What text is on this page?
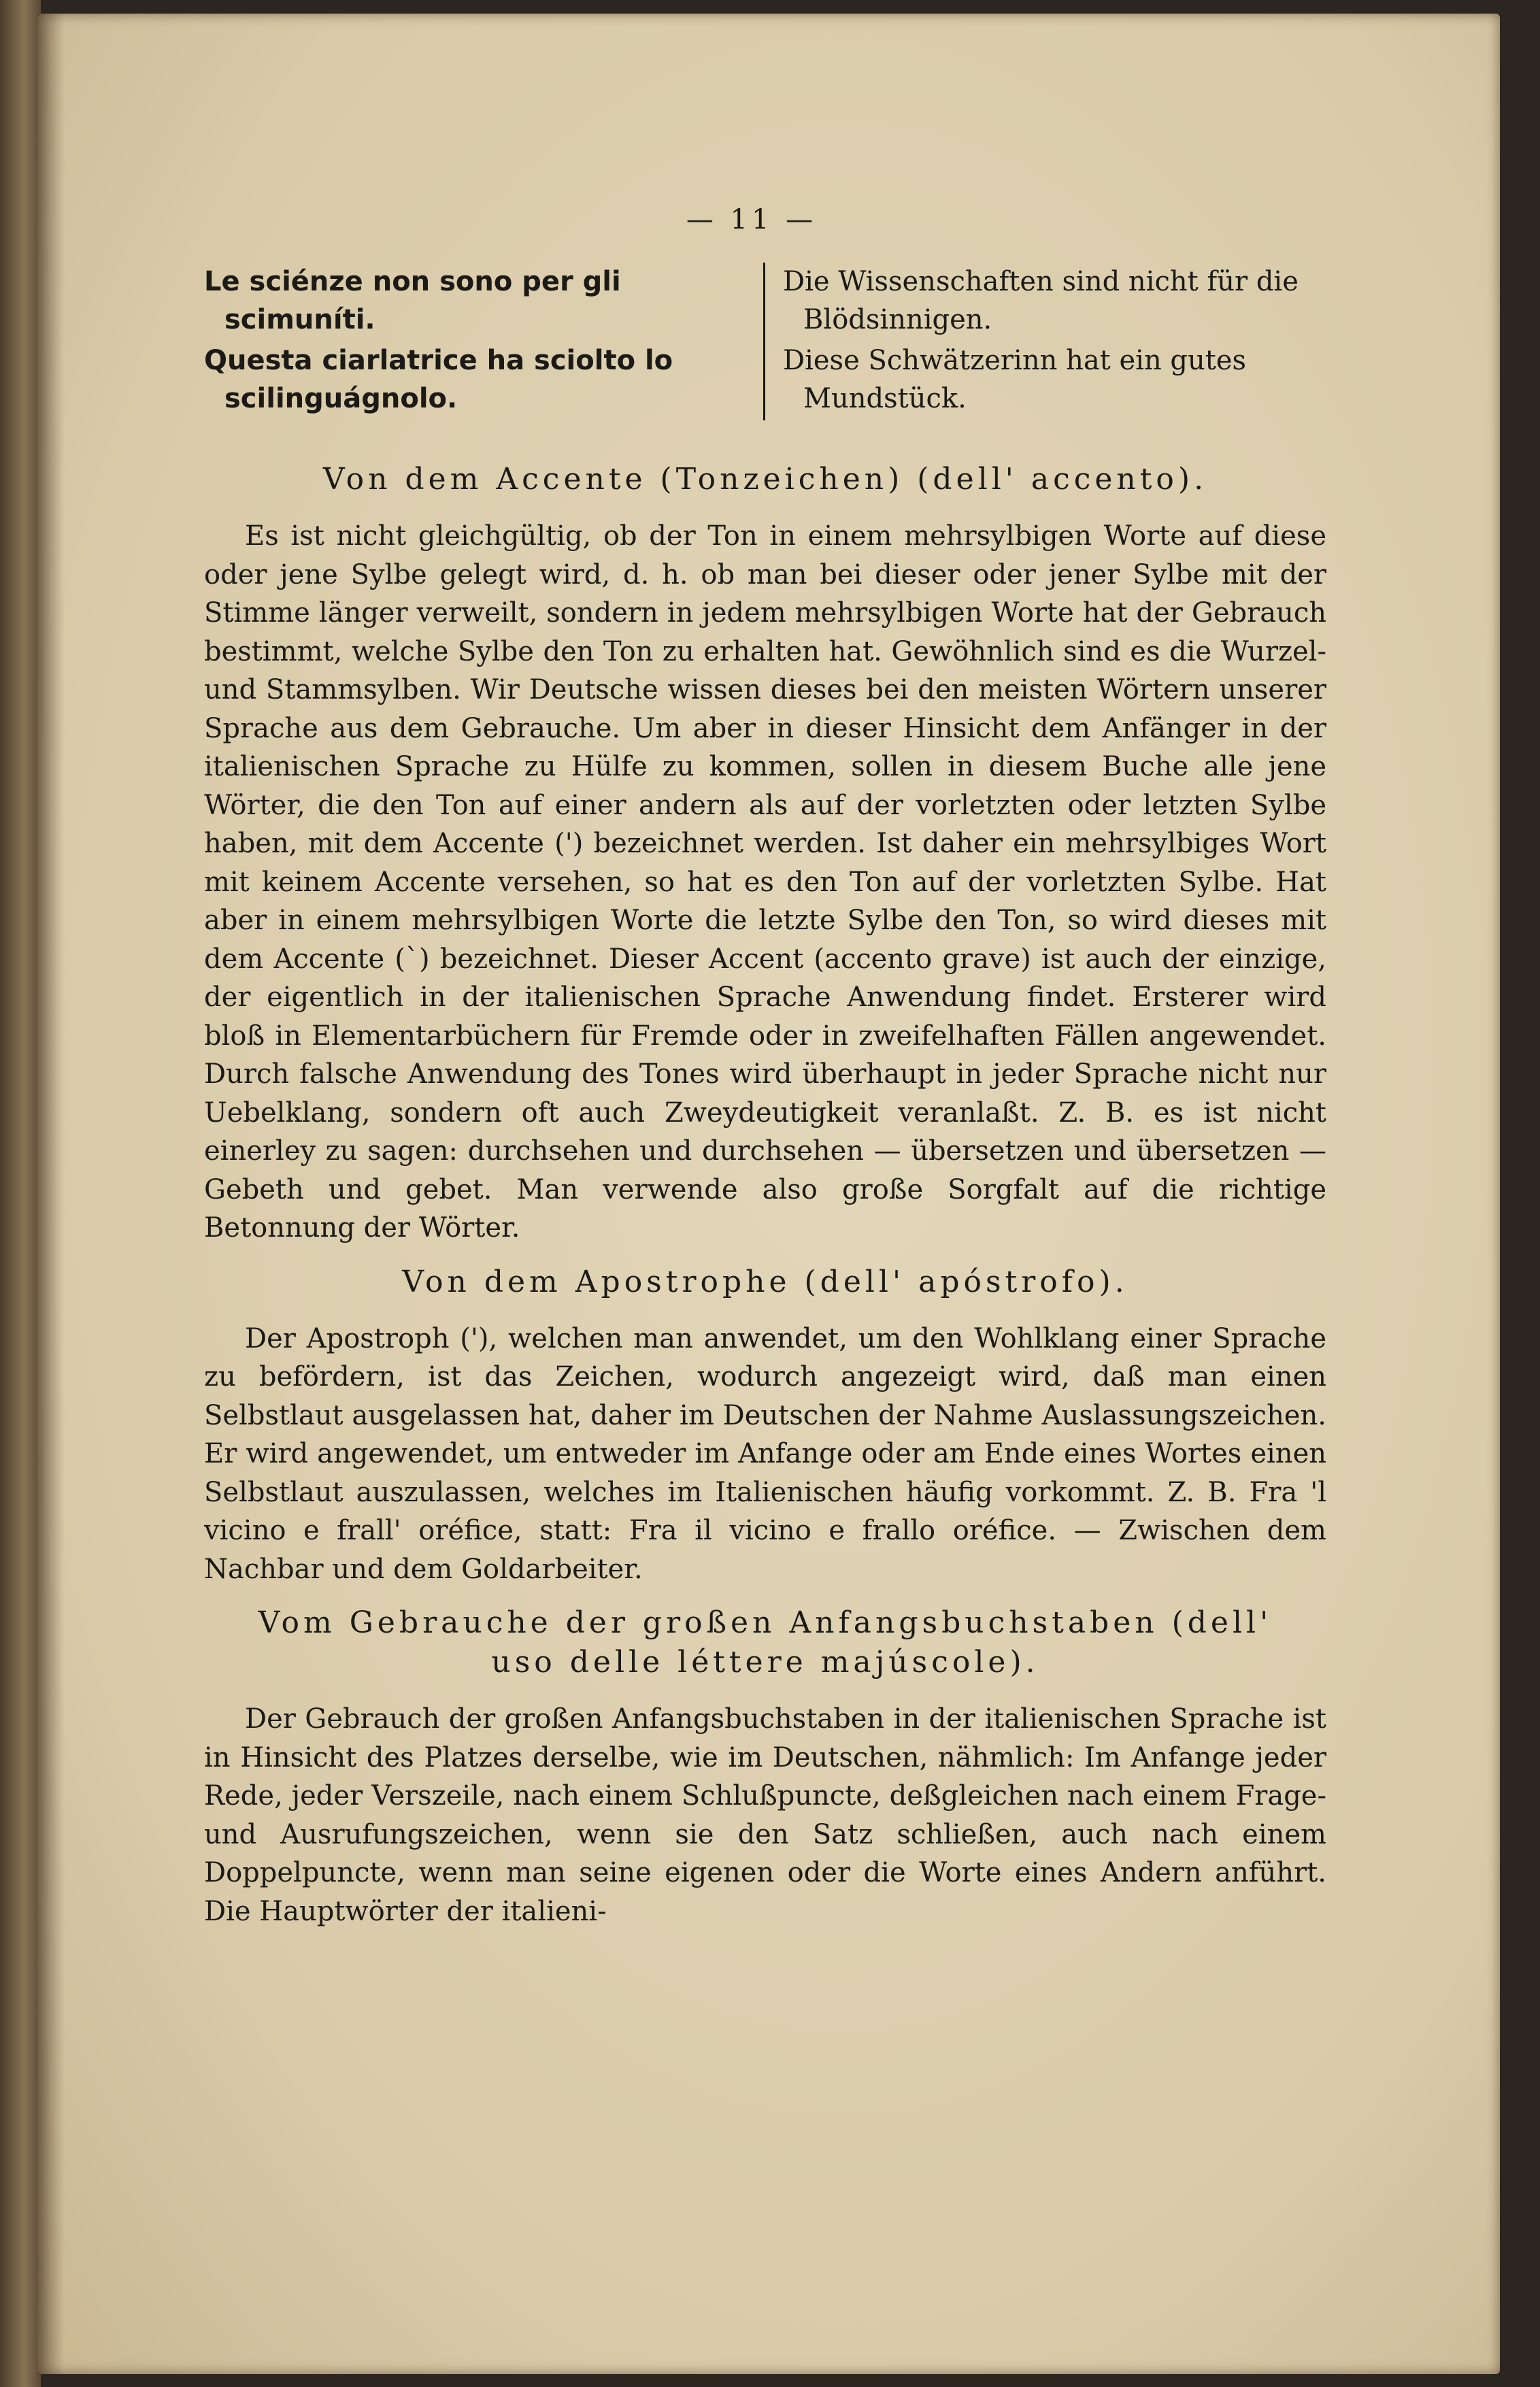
— 11 —
Le sciénze non sono per gli scimuníti.
Questa ciarlatrice ha sciolto lo scilinguágnolo.
Die Wissenschaften sind nicht für die Blödsinnigen.
Diese Schwätzerinn hat ein gutes Mundstück.
Von dem Accente (Tonzeichen) (dell' accento).

Es ist nicht gleichgültig, ob der Ton in einem mehrsylbigen Worte auf diese oder jene Sylbe gelegt wird, d. h. ob man bei dieser oder jener Sylbe mit der Stimme länger verweilt, sondern in jedem mehrsylbigen Worte hat der Gebrauch bestimmt, welche Sylbe den Ton zu erhalten hat. Gewöhnlich sind es die Wurzel- und Stammsylben. Wir Deutsche wissen dieses bei den meisten Wörtern unserer Sprache aus dem Gebrauche. Um aber in dieser Hinsicht dem Anfänger in der italienischen Sprache zu Hülfe zu kommen, sollen in diesem Buche alle jene Wörter, die den Ton auf einer andern als auf der vorletzten oder letzten Sylbe haben, mit dem Accente (') bezeichnet werden. Ist daher ein mehrsylbiges Wort mit keinem Accente versehen, so hat es den Ton auf der vorletzten Sylbe. Hat aber in einem mehrsylbigen Worte die letzte Sylbe den Ton, so wird dieses mit dem Accente (`) bezeichnet. Dieser Accent (accento grave) ist auch der einzige, der eigentlich in der italienischen Sprache Anwendung findet. Ersterer wird bloß in Elementarbüchern für Fremde oder in zweifelhaften Fällen angewendet. Durch falsche Anwendung des Tones wird überhaupt in jeder Sprache nicht nur Uebelklang, sondern oft auch Zweydeutigkeit veranlaßt. Z. B. es ist nicht einerley zu sagen: durchsehen und durchsehen — übersetzen und übersetzen — Gebeth und gebet. Man verwende also große Sorgfalt auf die richtige Betonnung der Wörter.

Von dem Apostrophe (dell' apóstrofo).

Der Apostroph ('), welchen man anwendet, um den Wohlklang einer Sprache zu befördern, ist das Zeichen, wodurch angezeigt wird, daß man einen Selbstlaut ausgelassen hat, daher im Deutschen der Nahme Auslassungszeichen. Er wird angewendet, um entweder im Anfange oder am Ende eines Wortes einen Selbstlaut auszulassen, welches im Italienischen häufig vorkommt. Z. B. Fra 'l vicino e frall' oréfice, statt: Fra il vicino e frallo oréfice. — Zwischen dem Nachbar und dem Goldarbeiter.

Vom Gebrauche der großen Anfangsbuchstaben (dell'
uso delle léttere majúscole).

Der Gebrauch der großen Anfangsbuchstaben in der italienischen Sprache ist in Hinsicht des Platzes derselbe, wie im Deutschen, nähmlich: Im Anfange jeder Rede, jeder Verszeile, nach einem Schlußpuncte, deßgleichen nach einem Frage- und Ausrufungszeichen, wenn sie den Satz schließen, auch nach einem Doppelpuncte, wenn man seine eigenen oder die Worte eines Andern anführt. Die Hauptwörter der italieni-
